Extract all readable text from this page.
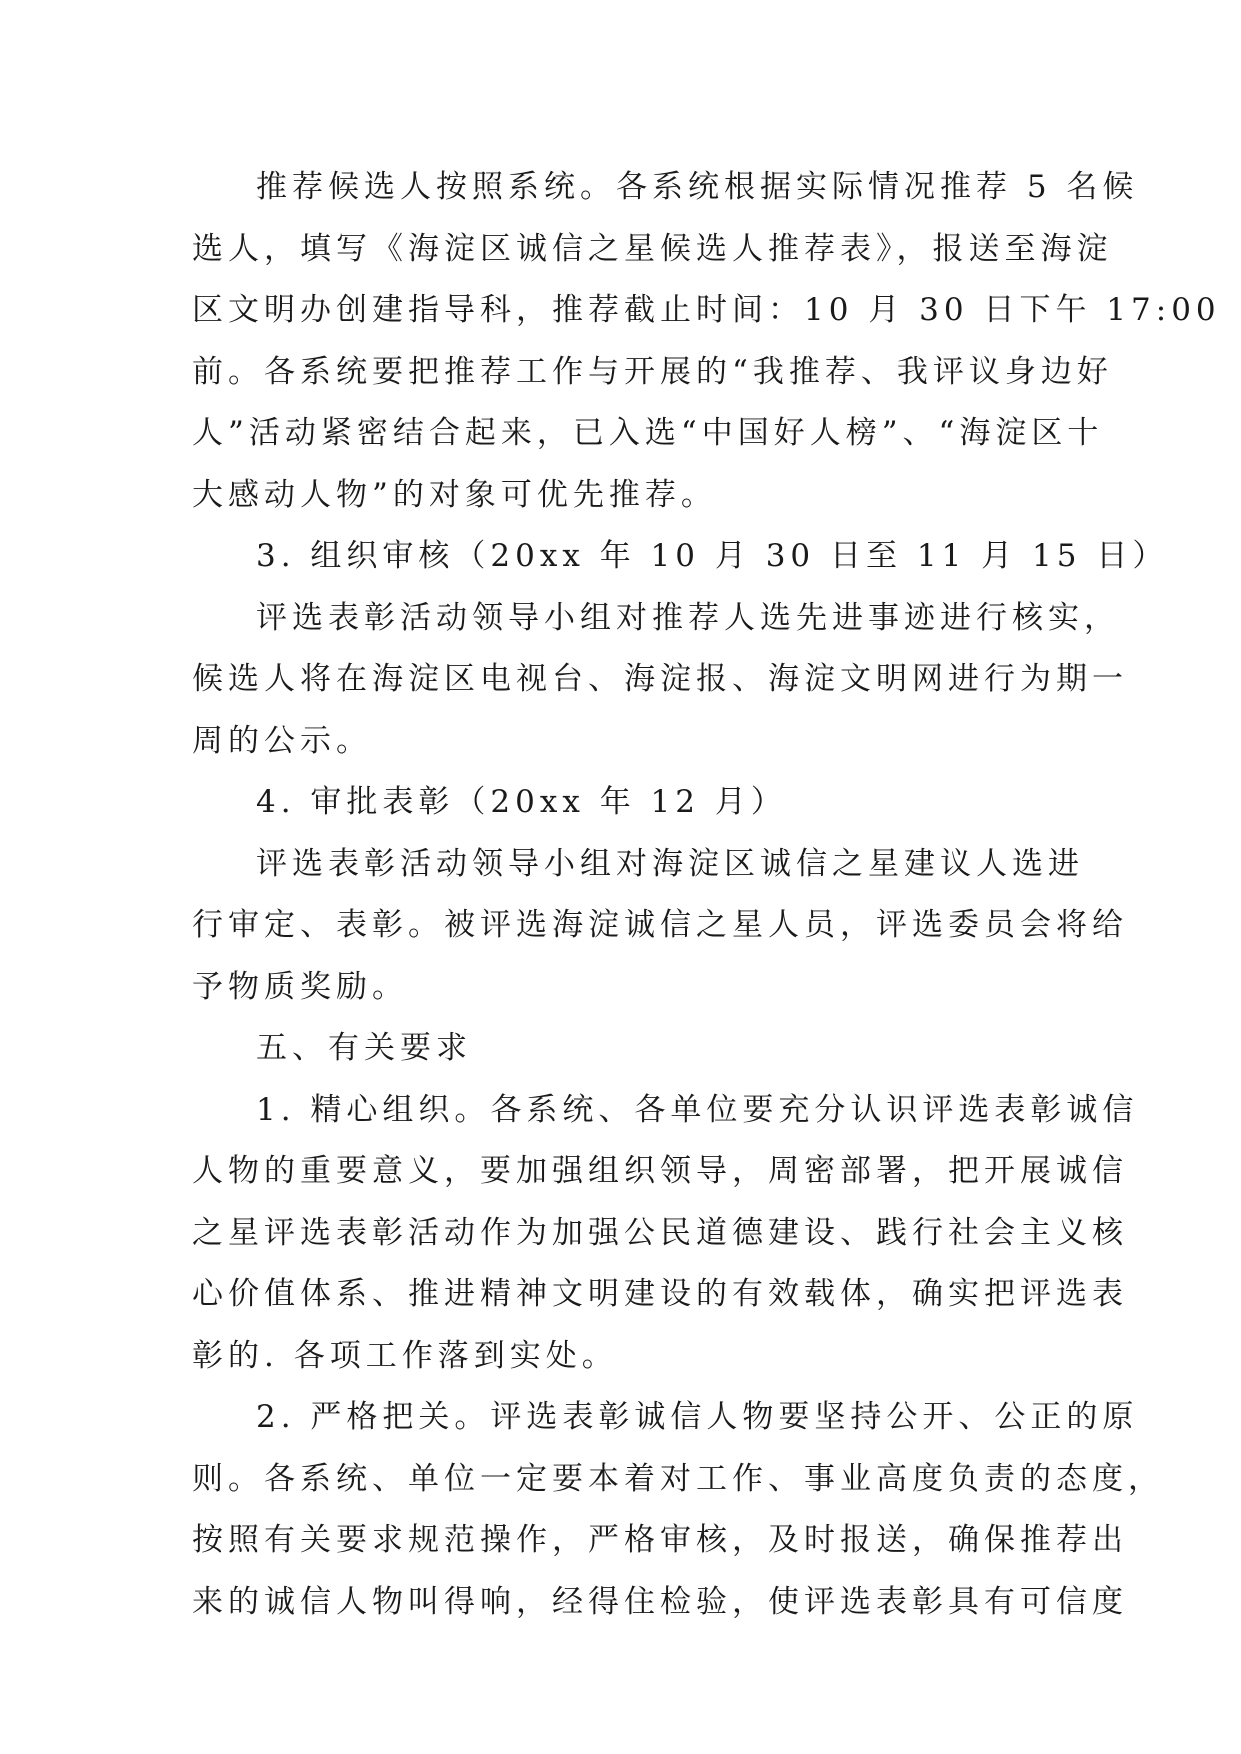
推荐候选人按照系统。各系统根据实际情况推荐 5 名候
选人，填写《海淀区诚信之星候选人推荐表》，报送至海淀
区文明办创建指导科，推荐截止时间：10 月 30 日下午 17:00
前。各系统要把推荐工作与开展的“我推荐、我评议身边好
人”活动紧密结合起来，已入选“中国好人榜”、“海淀区十
大感动人物”的对象可优先推荐。
3. 组织审核（20xx 年 10 月 30 日至 11 月 15 日）
评选表彰活动领导小组对推荐人选先进事迹进行核实，
候选人将在海淀区电视台、海淀报、海淀文明网进行为期一
周的公示。
4. 审批表彰（20xx 年 12 月）
评选表彰活动领导小组对海淀区诚信之星建议人选进
行审定、表彰。被评选海淀诚信之星人员，评选委员会将给
予物质奖励。
五、有关要求
1. 精心组织。各系统、各单位要充分认识评选表彰诚信
人物的重要意义，要加强组织领导，周密部署，把开展诚信
之星评选表彰活动作为加强公民道德建设、践行社会主义核
心价值体系、推进精神文明建设的有效载体，确实把评选表
彰的. 各项工作落到实处。
2. 严格把关。评选表彰诚信人物要坚持公开、公正的原
则。各系统、单位一定要本着对工作、事业高度负责的态度，
按照有关要求规范操作，严格审核，及时报送，确保推荐出
来的诚信人物叫得响，经得住检验，使评选表彰具有可信度
